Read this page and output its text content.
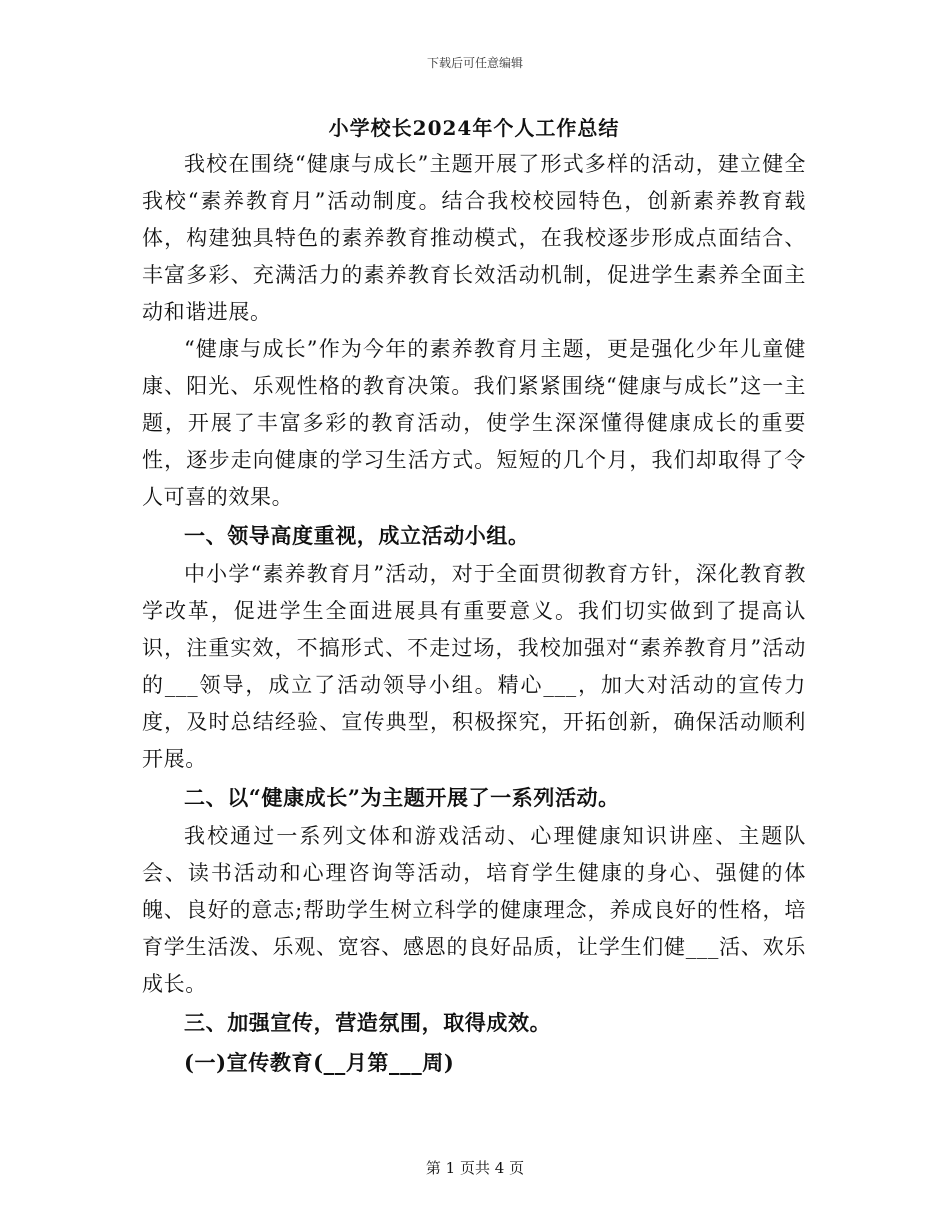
下载后可任意编辑
小学校长2024年个人工作总结

我校在围绕“健康与成长”主题开展了形式多样的活动，建立健全我校“素养教育月”活动制度。结合我校校园特色，创新素养教育载体，构建独具特色的素养教育推动模式，在我校逐步形成点面结合、丰富多彩、充满活力的素养教育长效活动机制，促进学生素养全面主动和谐进展。

“健康与成长”作为今年的素养教育月主题，更是强化少年儿童健康、阳光、乐观性格的教育决策。我们紧紧围绕“健康与成长”这一主题，开展了丰富多彩的教育活动，使学生深深懂得健康成长的重要性，逐步走向健康的学习生活方式。短短的几个月，我们却取得了令人可喜的效果。

一、领导高度重视，成立活动小组。

中小学“素养教育月”活动，对于全面贯彻教育方针，深化教育教学改革，促进学生全面进展具有重要意义。我们切实做到了提高认识，注重实效，不搞形式、不走过场，我校加强对“素养教育月”活动的___领导，成立了活动领导小组。精心___，加大对活动的宣传力度，及时总结经验、宣传典型，积极探究，开拓创新，确保活动顺利开展。

二、以“健康成长”为主题开展了一系列活动。

我校通过一系列文体和游戏活动、心理健康知识讲座、主题队会、读书活动和心理咨询等活动，培育学生健康的身心、强健的体魄、良好的意志;帮助学生树立科学的健康理念，养成良好的性格，培育学生活泼、乐观、宽容、感恩的良好品质，让学生们健___活、欢乐成长。

三、加强宣传，营造氛围，取得成效。

(一)宣传教育(__月第___周)

第 1 页共 4 页
